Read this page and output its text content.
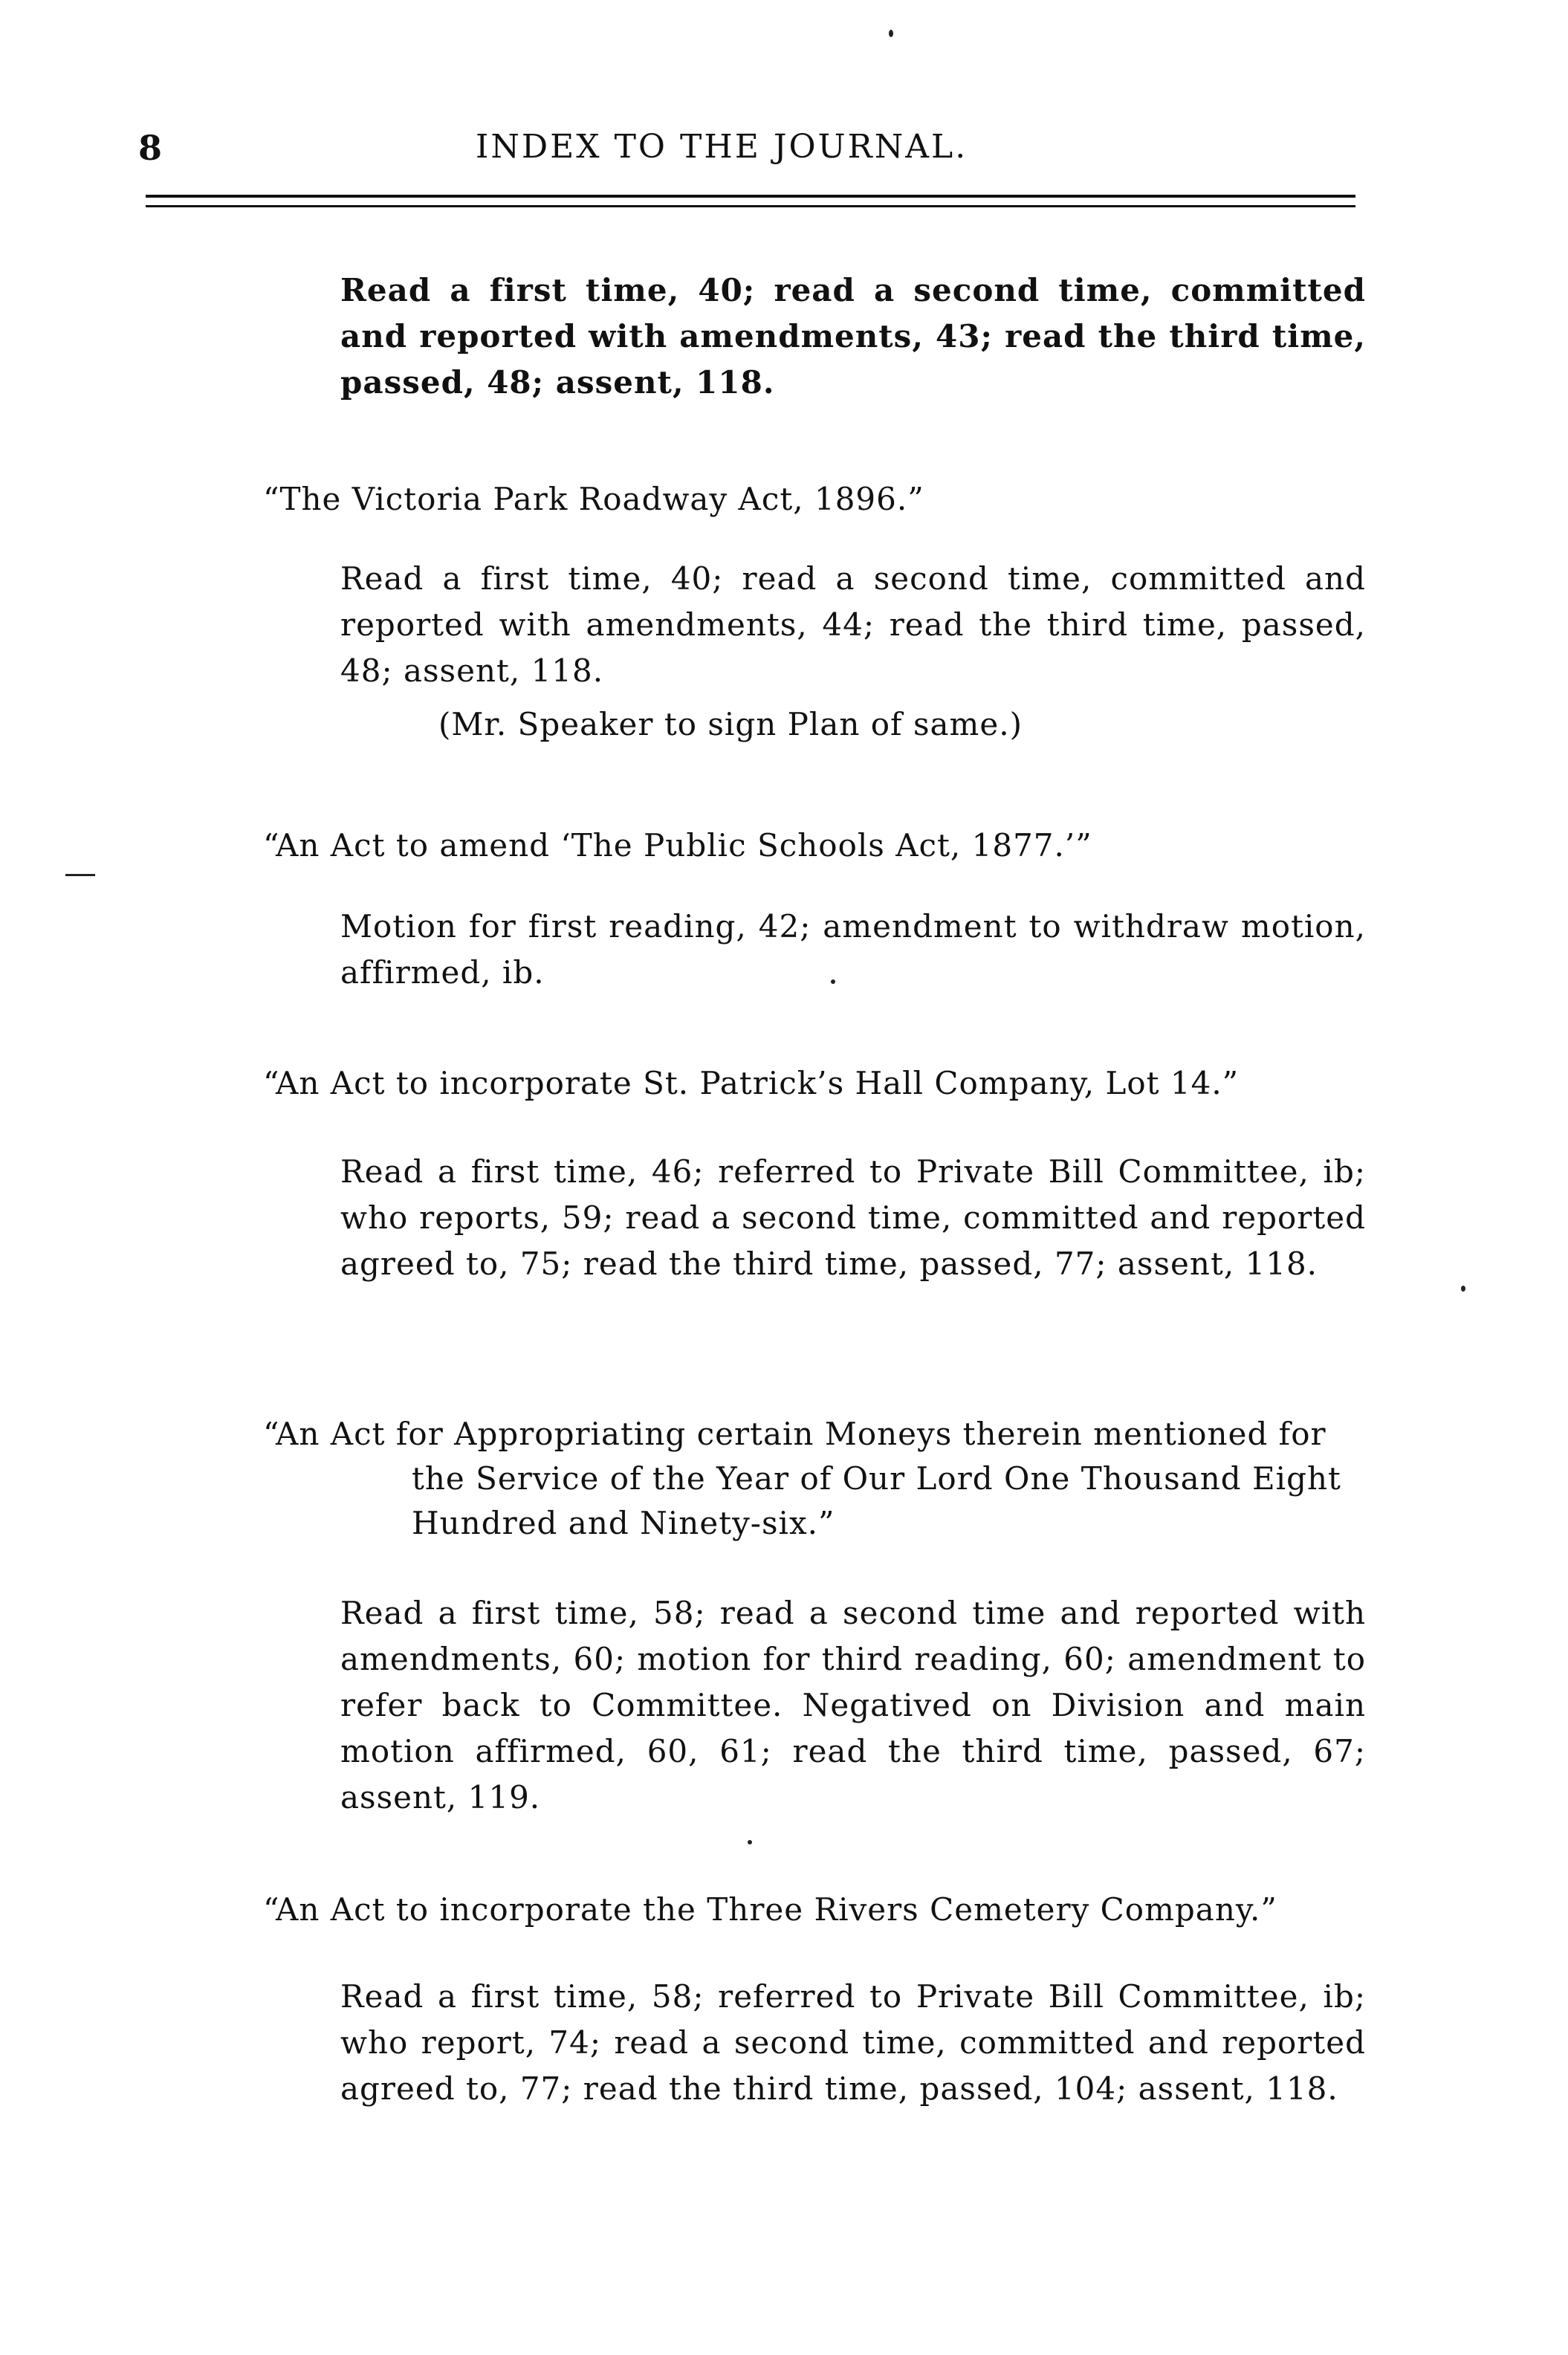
8	INDEX TO THE JOURNAL.
Read a first time, 40; read a second time, committed and reported with amendments, 43; read the third time, passed, 48; assent, 118.
“The Victoria Park Roadway Act, 1896.”
Read a first time, 40; read a second time, committed and reported with amendments, 44; read the third time, passed, 48; assent, 118.
(Mr. Speaker to sign Plan of same.)
“An Act to amend ‘The Public Schools Act, 1877.’”
Motion for first reading, 42; amendment to withdraw motion, affirmed, ib.
“An Act to incorporate St. Patrick’s Hall Company, Lot 14.”
Read a first time, 46; referred to Private Bill Committee, ib; who reports, 59; read a second time, committed and reported agreed to, 75; read the third time, passed, 77; assent, 118.
“An Act for Appropriating certain Moneys therein mentioned for the Service of the Year of Our Lord One Thousand Eight Hundred and Ninety-six.”
Read a first time, 58; read a second time and reported with amendments, 60; motion for third reading, 60; amendment to refer back to Committee. Negatived on Division and main motion affirmed, 60, 61; read the third time, passed, 67; assent, 119.
“An Act to incorporate the Three Rivers Cemetery Company.”
Read a first time, 58; referred to Private Bill Committee, ib; who report, 74; read a second time, committed and reported agreed to, 77; read the third time, passed, 104; assent, 118.
